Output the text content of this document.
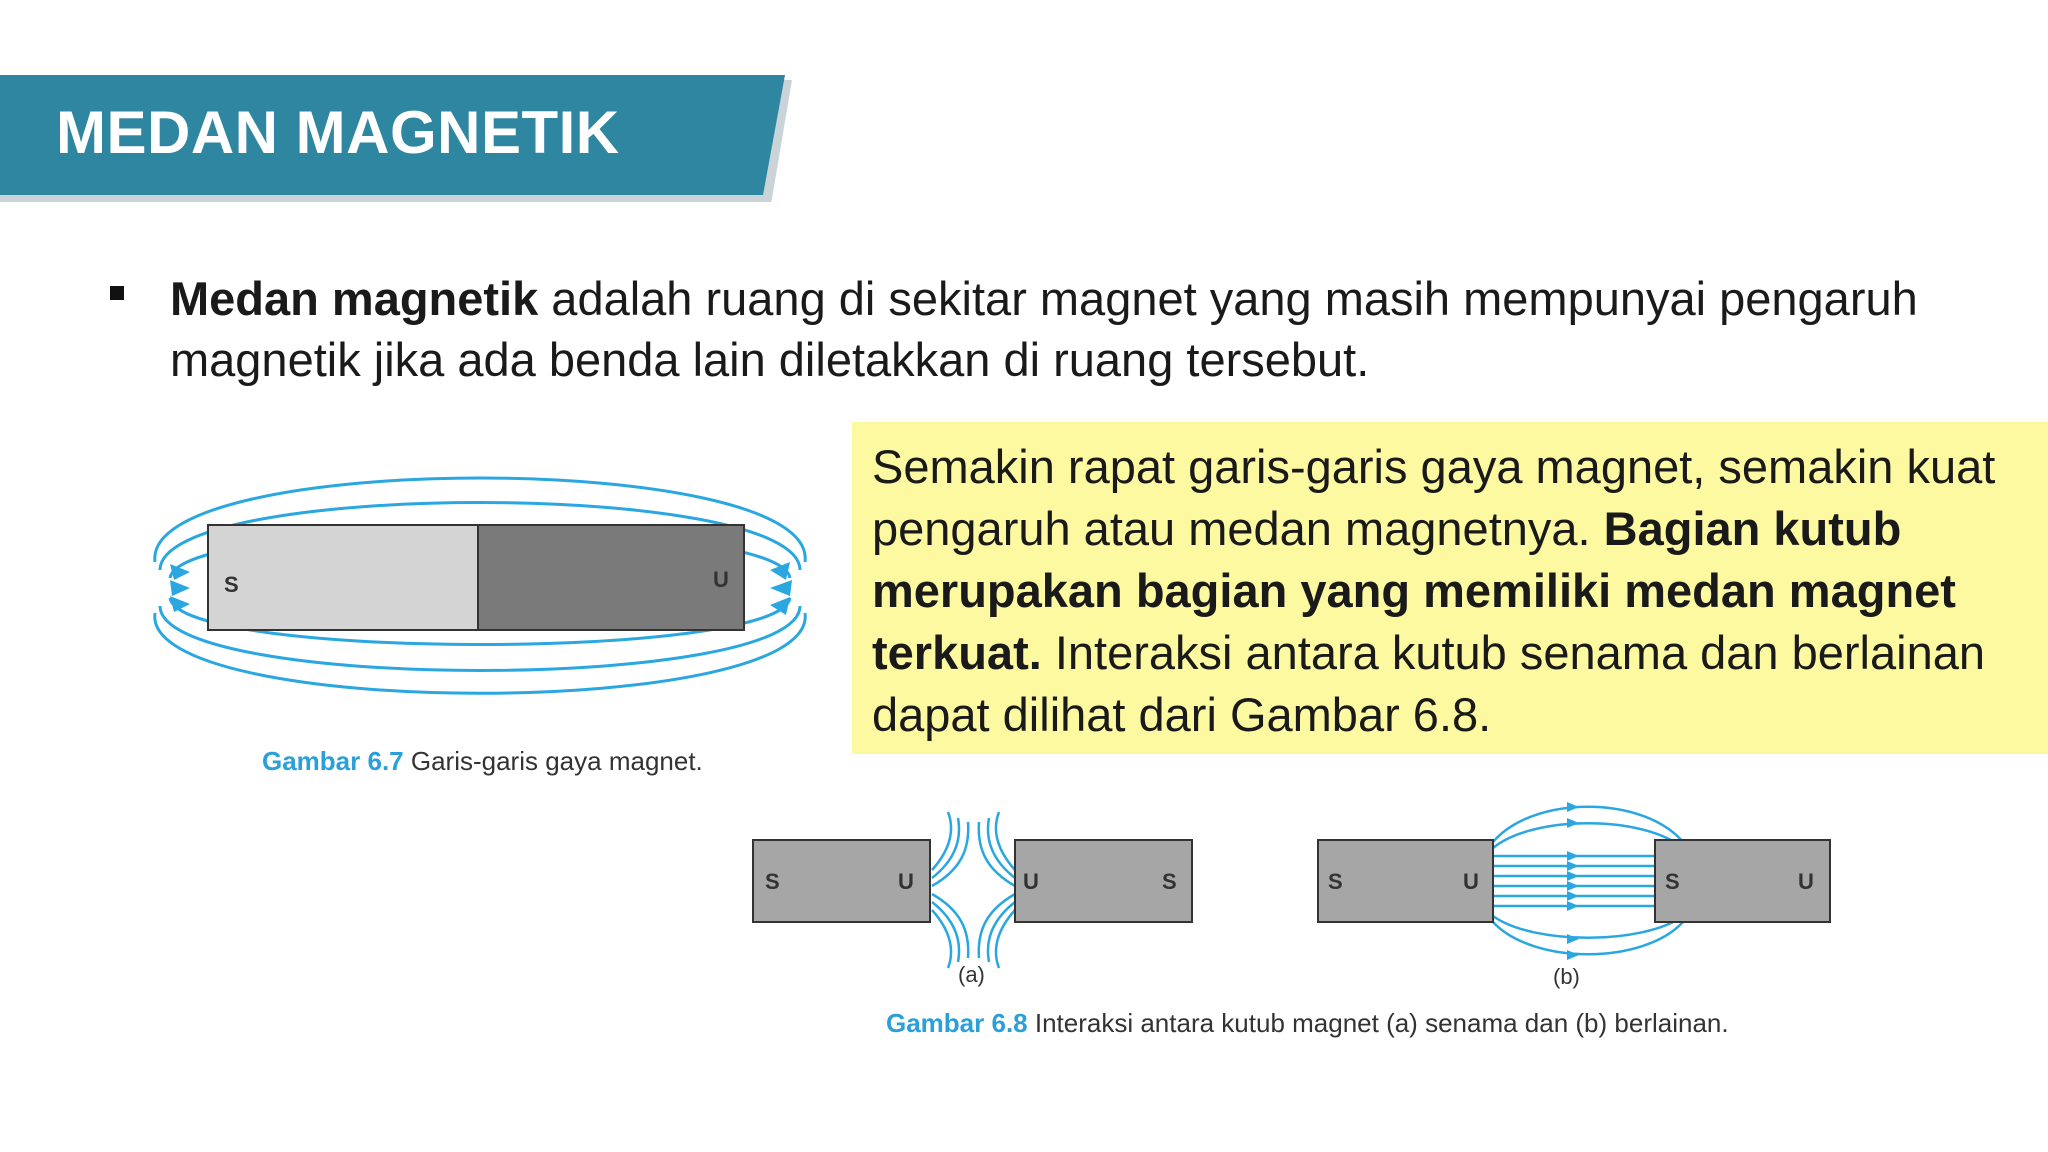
MEDAN MAGNETIK
Medan magnetik adalah ruang di sekitar magnet yang masih mempunyai pengaruh magnetik jika ada benda lain diletakkan di ruang tersebut.
Semakin rapat garis-garis gaya magnet, semakin kuat pengaruh atau medan magnetnya. Bagian kutub merupakan bagian yang memiliki medan magnet terkuat. Interaksi antara kutub senama dan berlainan dapat dilihat dari Gambar 6.8.
S	U
Gambar 6.7 Garis-garis gaya magnet.
S	U	U	S
(a)
S	U	S	U
(b)
Gambar 6.8 Interaksi antara kutub magnet (a) senama dan (b) berlainan.
